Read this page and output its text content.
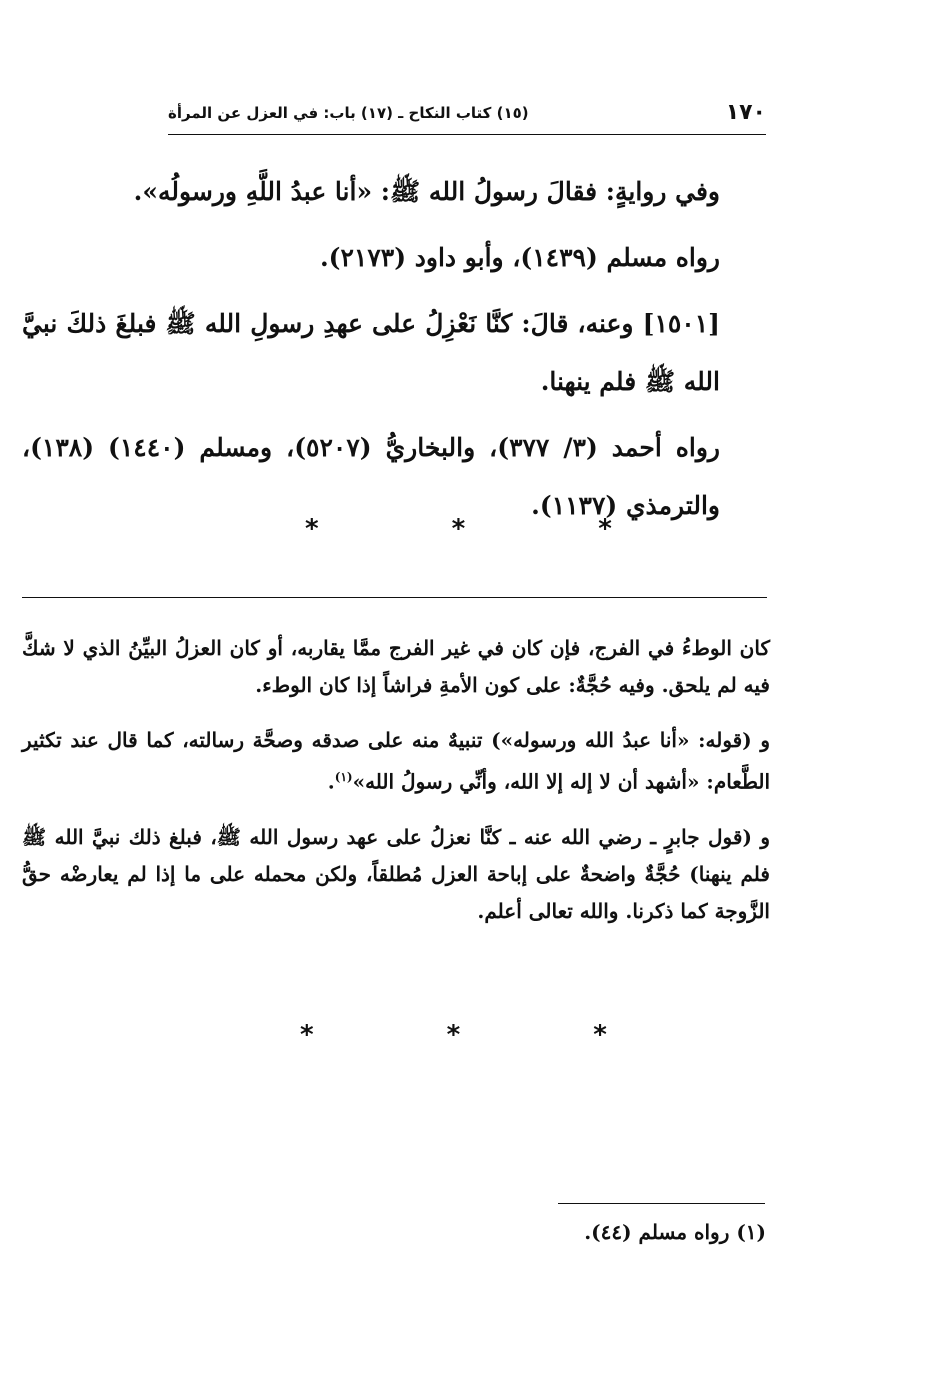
١٧٠
(١٥) كتاب النكاح ـ (١٧) باب: في العزل عن المرأة

وفي روايةٍ: فقالَ رسولُ الله ﷺ: «أنا عبدُ اللَّهِ ورسولُه».

رواه مسلم (١٤٣٩)، وأبو داود (٢١٧٣).

[١٥٠١] وعنه، قالَ: كنَّا نَعْزِلُ على عهدِ رسولِ الله ﷺ فبلغَ ذلكَ نبيَّ الله ﷺ فلم ينهنا.

رواه أحمد (٣/ ٣٧٧)، والبخاريُّ (٥٢٠٧)، ومسلم (١٤٤٠) (١٣٨)، والترمذي (١١٣٧).

* * *

كان الوطءُ في الفرج، فإن كان في غير الفرج ممَّا يقاربه، أو كان العزلُ البيِّنُ الذي لا شكَّ فيه لم يلحق. وفيه حُجَّةٌ: على كون الأمةِ فراشاً إذا كان الوطء.

و (قوله: «أنا عبدُ الله ورسوله») تنبيهٌ منه على صدقه وصحَّة رسالته، كما قال عند تكثير الطَّعام: «أشهد أن لا إله إلا الله، وأنِّي رسولُ الله»$^{(١)}$.

و (قول جابرٍ ـ رضي الله عنه ـ كنَّا نعزلُ على عهد رسول الله ﷺ، فبلغ ذلك نبيَّ الله ﷺ فلم ينهنا) حُجَّةٌ واضحةٌ على إباحة العزل مُطلقاً، ولكن محمله على ما إذا لم يعارضْه حقُّ الزَّوجة كما ذكرنا. والله تعالى أعلم.

* * *
(١) رواه مسلم (٤٤).
